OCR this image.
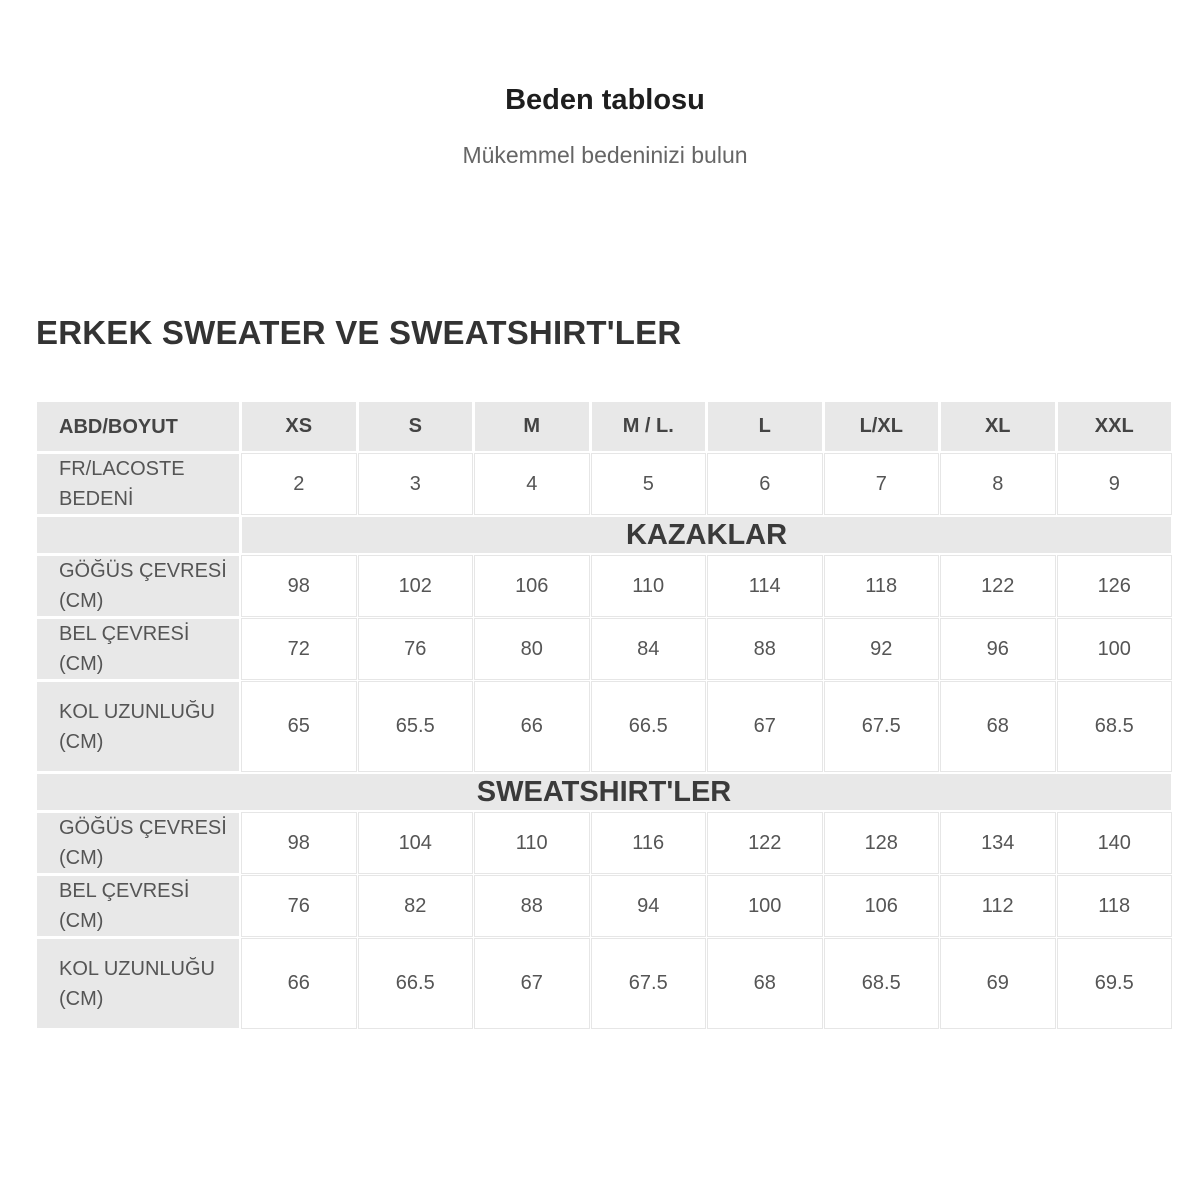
Beden tablosu
Mükemmel bedeninizi bulun
ERKEK SWEATER VE SWEATSHIRT'LER
ABD/BOYUT	XS	S	M	M / L.	L	L/XL	XL	XXL
FR/LACOSTE BEDENİ	2	3	4	5	6	7	8	9
	KAZAKLAR							
GÖĞÜS ÇEVRESİ (CM)	98	102	106	110	114	118	122	126
BEL ÇEVRESİ (CM)	72	76	80	84	88	92	96	100
KOL UZUNLUĞU (CM)	65	65.5	66	66.5	67	67.5	68	68.5
SWEATSHIRT'LER								
GÖĞÜS ÇEVRESİ (CM)	98	104	110	116	122	128	134	140
BEL ÇEVRESİ (CM)	76	82	88	94	100	106	112	118
KOL UZUNLUĞU (CM)	66	66.5	67	67.5	68	68.5	69	69.5
